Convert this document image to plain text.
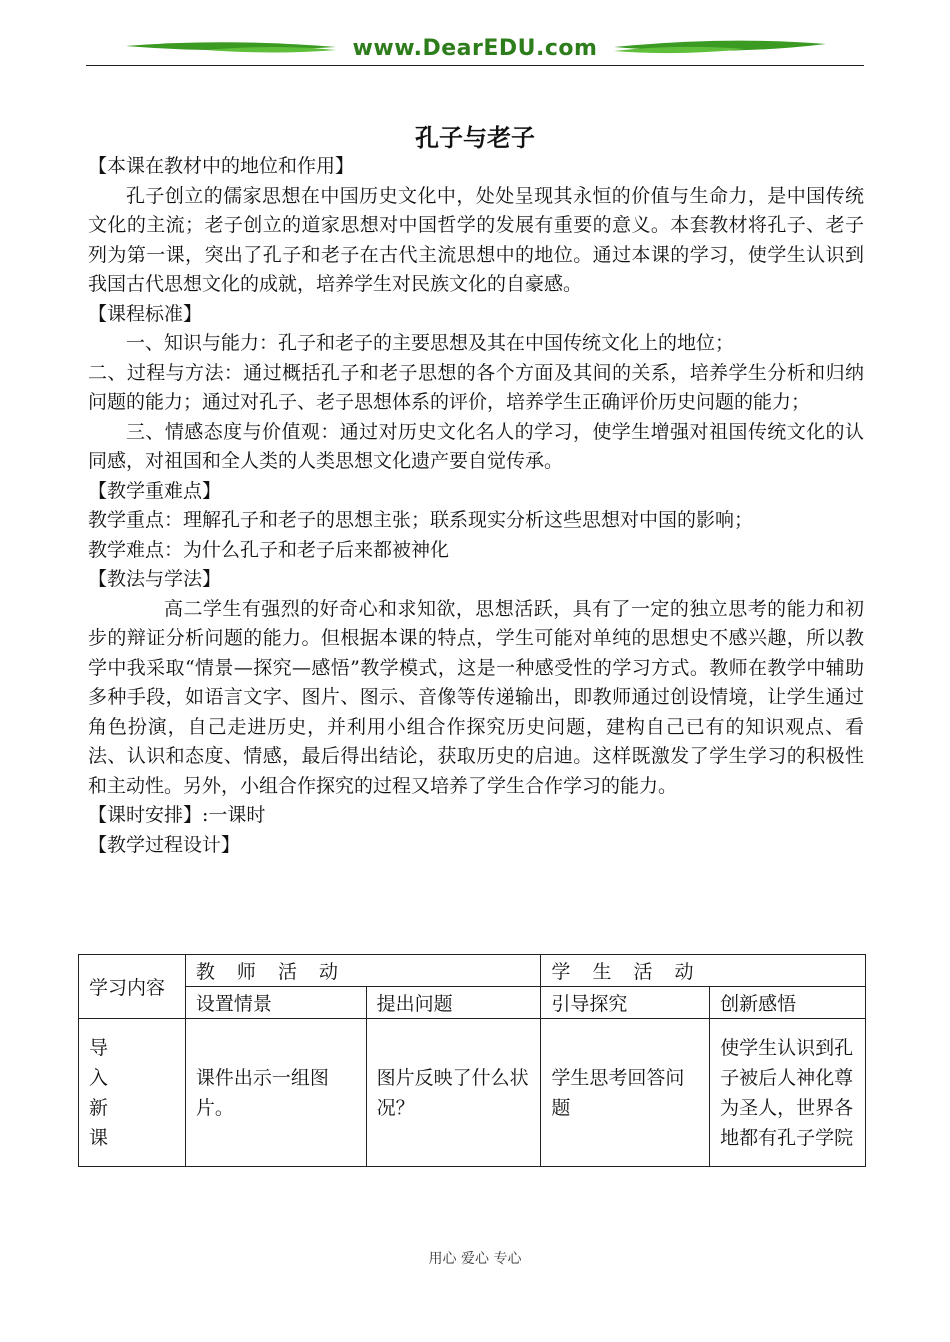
www.DearEDU.com
孔子与老子

【本课在教材中的地位和作用】

孔子创立的儒家思想在中国历史文化中，处处呈现其永恒的价值与生命力，是中国传统文化的主流；老子创立的道家思想对中国哲学的发展有重要的意义。本套教材将孔子、老子列为第一课，突出了孔子和老子在古代主流思想中的地位。通过本课的学习，使学生认识到我国古代思想文化的成就，培养学生对民族文化的自豪感。

【课程标准】

一、知识与能力：孔子和老子的主要思想及其在中国传统文化上的地位；

二、过程与方法：通过概括孔子和老子思想的各个方面及其间的关系，培养学生分析和归纳问题的能力；通过对孔子、老子思想体系的评价，培养学生正确评价历史问题的能力；

三、情感态度与价值观：通过对历史文化名人的学习，使学生增强对祖国传统文化的认同感，对祖国和全人类的人类思想文化遗产要自觉传承。

【教学重难点】

教学重点：理解孔子和老子的思想主张；联系现实分析这些思想对中国的影响；

教学难点：为什么孔子和老子后来都被神化

【教法与学法】

高二学生有强烈的好奇心和求知欲，思想活跃，具有了一定的独立思考的能力和初步的辩证分析问题的能力。但根据本课的特点，学生可能对单纯的思想史不感兴趣，所以教学中我采取“情景—探究—感悟”教学模式，这是一种感受性的学习方式。教师在教学中辅助多种手段，如语言文字、图片、图示、音像等传递输出，即教师通过创设情境，让学生通过角色扮演，自己走进历史，并利用小组合作探究历史问题，建构自己已有的知识观点、看法、认识和态度、情感，最后得出结论，获取历史的启迪。这样既激发了学生学习的积极性和主动性。另外，小组合作探究的过程又培养了学生合作学习的能力。

【课时安排】:一课时

【教学过程设计】

学习内容	教 师 活 动		学 生 活 动	
	设置情景	提出问题	引导探究	创新感悟

导
入
新
课	课件出示一组图片。	图片反映了什么状况？	学生思考回答问题	使学生认识到孔子被后人神化尊为圣人，世界各地都有孔子学院
用心 爱心 专心
